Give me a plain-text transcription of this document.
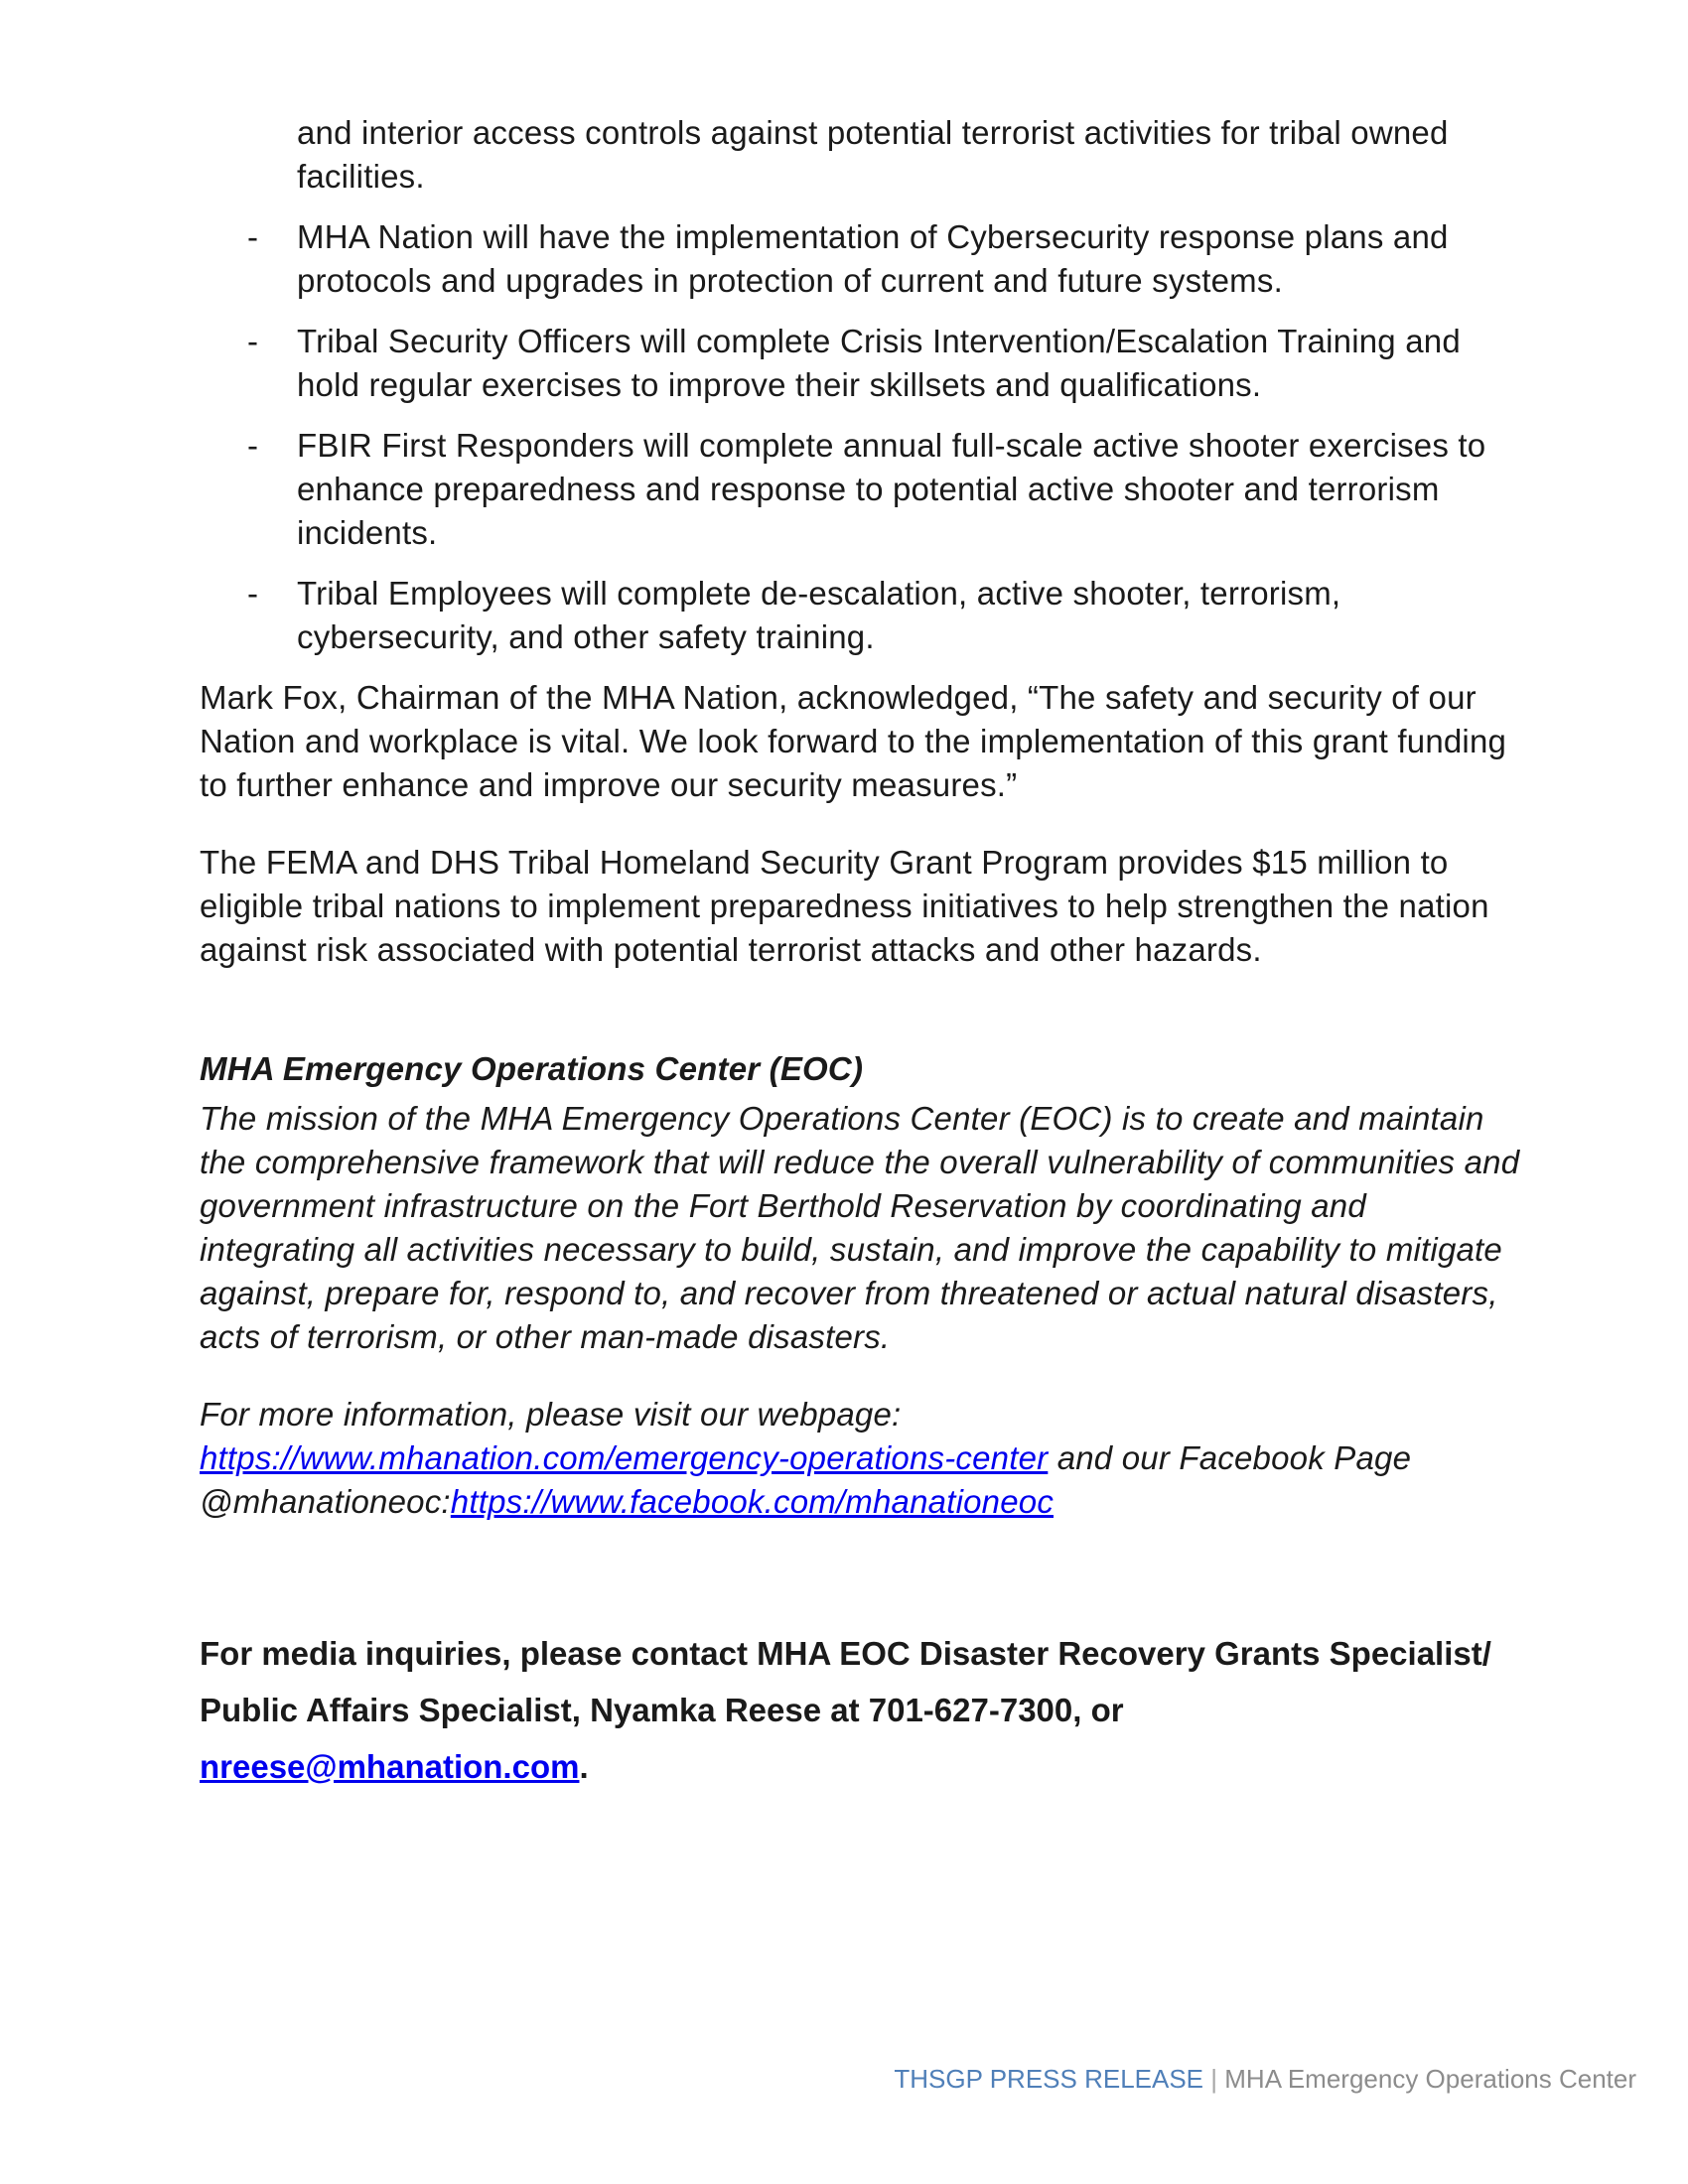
and interior access controls against potential terrorist activities for tribal owned facilities.
- MHA Nation will have the implementation of Cybersecurity response plans and protocols and upgrades in protection of current and future systems.
- Tribal Security Officers will complete Crisis Intervention/Escalation Training and hold regular exercises to improve their skillsets and qualifications.
- FBIR First Responders will complete annual full-scale active shooter exercises to enhance preparedness and response to potential active shooter and terrorism incidents.
- Tribal Employees will complete de-escalation, active shooter, terrorism, cybersecurity, and other safety training.

Mark Fox, Chairman of the MHA Nation, acknowledged, “The safety and security of our Nation and workplace is vital. We look forward to the implementation of this grant funding to further enhance and improve our security measures.”

The FEMA and DHS Tribal Homeland Security Grant Program provides $15 million to eligible tribal nations to implement preparedness initiatives to help strengthen the nation against risk associated with potential terrorist attacks and other hazards.

MHA Emergency Operations Center (EOC)

The mission of the MHA Emergency Operations Center (EOC) is to create and maintain the comprehensive framework that will reduce the overall vulnerability of communities and government infrastructure on the Fort Berthold Reservation by coordinating and integrating all activities necessary to build, sustain, and improve the capability to mitigate against, prepare for, respond to, and recover from threatened or actual natural disasters, acts of terrorism, or other man-made disasters.

For more information, please visit our webpage:
https://www.mhanation.com/emergency-operations-center and our Facebook Page @mhanationeoc:https://www.facebook.com/mhanationeoc

For media inquiries, please contact MHA EOC Disaster Recovery Grants Specialist/ Public Affairs Specialist, Nyamka Reese at 701-627-7300, or
nreese@mhanation.com.
THSGP PRESS RELEASE | MHA Emergency Operations Center
